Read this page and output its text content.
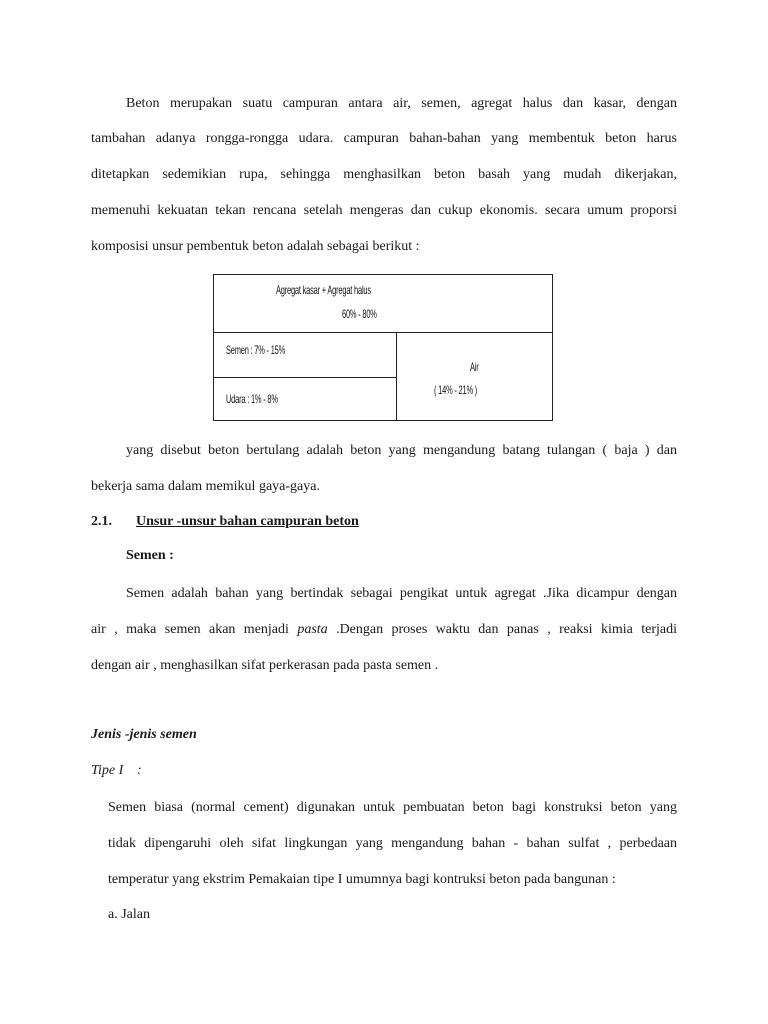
Beton merupakan suatu campuran antara air, semen, agregat halus dan kasar, dengan
tambahan adanya rongga-rongga udara. campuran bahan-bahan yang membentuk beton harus
ditetapkan sedemikian rupa, sehingga menghasilkan beton basah yang mudah dikerjakan,
memenuhi kekuatan tekan rencana setelah mengeras dan cukup ekonomis. secara umum proporsi
komposisi unsur pembentuk beton adalah sebagai berikut :
Agregat kasar + Agregat halus
60% - 80%
Semen : 7% - 15%
Udara : 1% - 8%
Air
( 14% - 21% )
yang disebut beton bertulang adalah beton yang mengandung batang tulangan ( baja ) dan
bekerja sama dalam memikul gaya-gaya.
2.1. Unsur -unsur bahan campuran beton
Semen :
Semen adalah bahan yang bertindak sebagai pengikat untuk agregat .Jika dicampur dengan
air , maka semen akan menjadi pasta .Dengan proses waktu dan panas , reaksi kimia terjadi
dengan air , menghasilkan sifat perkerasan pada pasta semen .
Jenis -jenis semen
Tipe I :
Semen biasa (normal cement) digunakan untuk pembuatan beton bagi konstruksi beton yang
tidak dipengaruhi oleh sifat lingkungan yang mengandung bahan - bahan sulfat , perbedaan
temperatur yang ekstrim Pemakaian tipe I umumnya bagi kontruksi beton pada bangunan :
a. Jalan
